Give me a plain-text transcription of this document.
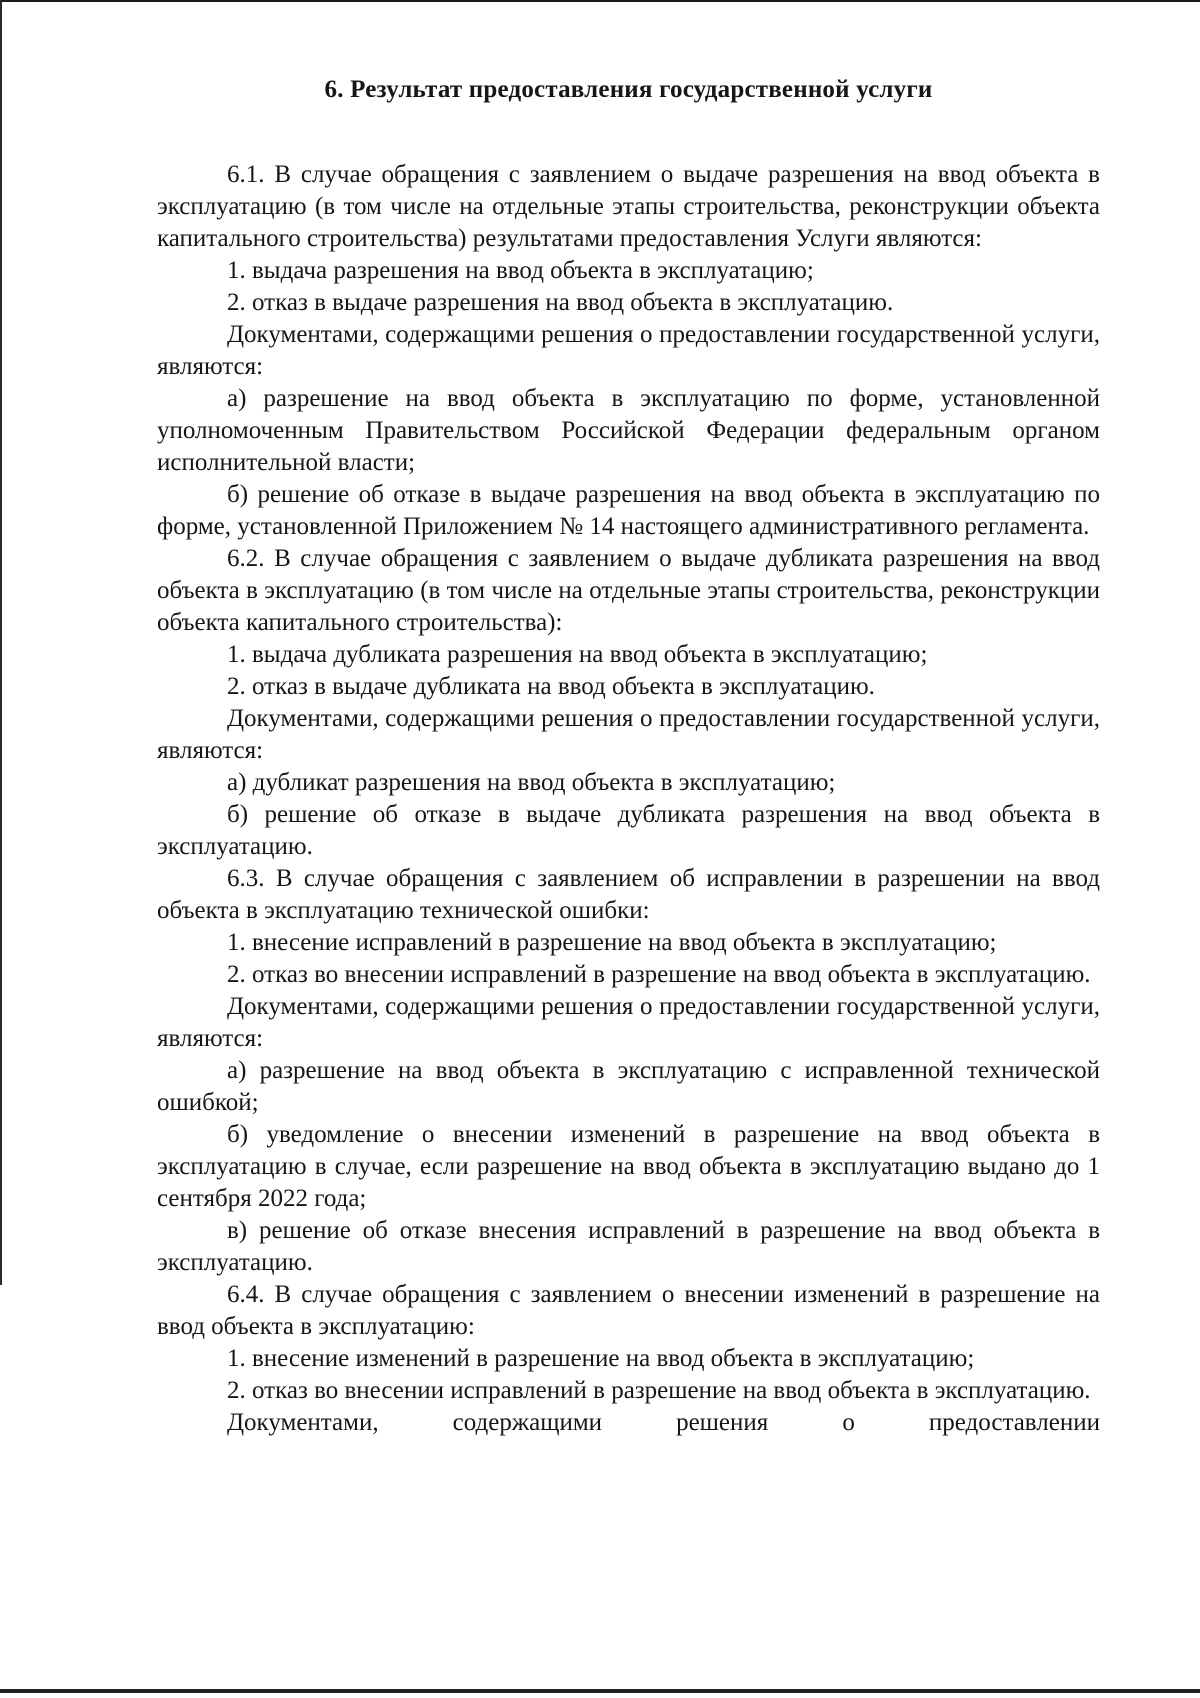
6. Результат предоставления государственной услуги

6.1. В случае обращения с заявлением о выдаче разрешения на ввод объекта в эксплуатацию (в том числе на отдельные этапы строительства, реконструкции объекта капитального строительства) результатами предоставления Услуги являются:

1. выдача разрешения на ввод объекта в эксплуатацию;

2. отказ в выдаче разрешения на ввод объекта в эксплуатацию.

Документами, содержащими решения о предоставлении государственной услуги, являются:

а) разрешение на ввод объекта в эксплуатацию по форме, установленной уполномоченным Правительством Российской Федерации федеральным органом исполнительной власти;

б) решение об отказе в выдаче разрешения на ввод объекта в эксплуатацию по форме, установленной Приложением № 14 настоящего административного регламента.

6.2. В случае обращения с заявлением о выдаче дубликата разрешения на ввод объекта в эксплуатацию (в том числе на отдельные этапы строительства, реконструкции объекта капитального строительства):

1. выдача дубликата разрешения на ввод объекта в эксплуатацию;

2. отказ в выдаче дубликата на ввод объекта в эксплуатацию.

Документами, содержащими решения о предоставлении государственной услуги, являются:

а) дубликат разрешения на ввод объекта в эксплуатацию;

б) решение об отказе в выдаче дубликата разрешения на ввод объекта в эксплуатацию.

6.3. В случае обращения с заявлением об исправлении в разрешении на ввод объекта в эксплуатацию технической ошибки:

1. внесение исправлений в разрешение на ввод объекта в эксплуатацию;

2. отказ во внесении исправлений в разрешение на ввод объекта в эксплуатацию.

Документами, содержащими решения о предоставлении государственной услуги, являются:

а) разрешение на ввод объекта в эксплуатацию с исправленной технической ошибкой;

б) уведомление о внесении изменений в разрешение на ввод объекта в эксплуатацию в случае, если разрешение на ввод объекта в эксплуатацию выдано до 1 сентября 2022 года;

в) решение об отказе внесения исправлений в разрешение на ввод объекта в эксплуатацию.

6.4. В случае обращения с заявлением о внесении изменений в разрешение на ввод объекта в эксплуатацию:

1. внесение изменений в разрешение на ввод объекта в эксплуатацию;

2. отказ во внесении исправлений в разрешение на ввод объекта в эксплуатацию.

Документами, содержащими решения о предоставлении
